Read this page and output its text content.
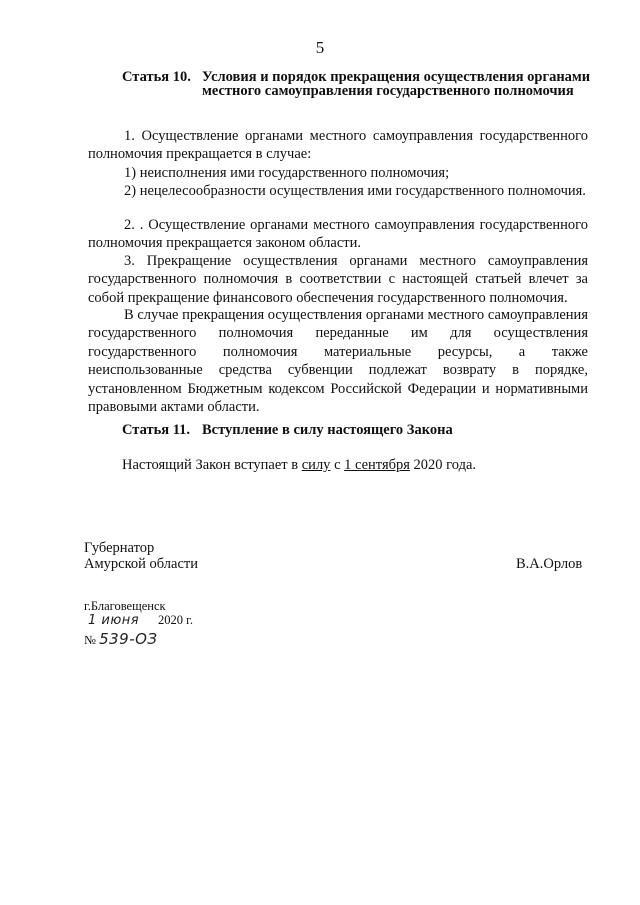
5
Статья 10. Условия и порядок прекращения осуществления органами местного самоуправления государственного полномочия
1. Осуществление органами местного самоуправления государственного полномочия прекращается в случае:
1) неисполнения ими государственного полномочия;
2) нецелесообразности осуществления ими государственного полномочия.
2. . Осуществление органами местного самоуправления государственного полномочия прекращается законом области.
3. Прекращение осуществления органами местного самоуправления государственного полномочия в соответствии с настоящей статьей влечет за собой прекращение финансового обеспечения государственного полномочия.
В случае прекращения осуществления органами местного самоуправления государственного полномочия переданные им для осуществления государственного полномочия материальные ресурсы, а также неиспользованные средства субвенции подлежат возврату в порядке, установленном Бюджетным кодексом Российской Федерации и нормативными правовыми актами области.
Статья 11. Вступление в силу настоящего Закона
Настоящий Закон вступает в силу с 1 сентября 2020 года.
Губернатор
Амурской области	В.А.Орлов
г.Благовещенск
1 июня 2020 г.
№ 539-ОЗ
